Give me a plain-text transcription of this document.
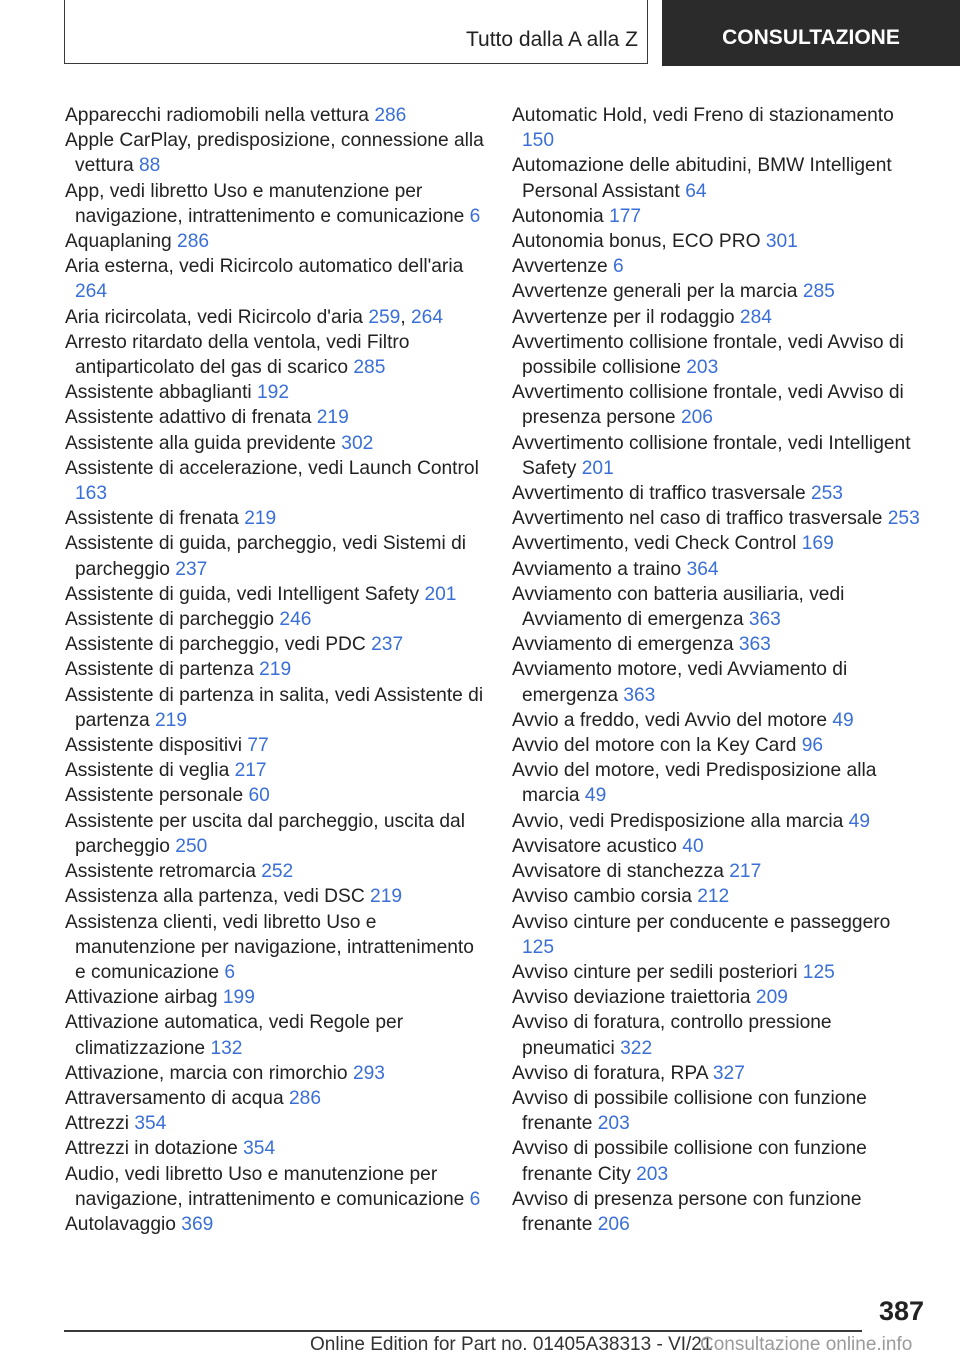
Tutto dalla A alla Z	CONSULTAZIONE
Apparecchi radiomobili nella vettura 286
Apple CarPlay, predisposizione, connessione alla vettura 88
App, vedi libretto Uso e manutenzione per navigazione, intrattenimento e comunicazione 6
Aquaplaning 286
Aria esterna, vedi Ricircolo automatico dell'aria 264
Aria ricircolata, vedi Ricircolo d'aria 259, 264
Arresto ritardato della ventola, vedi Filtro antiparticolato del gas di scarico 285
Assistente abbaglianti 192
Assistente adattivo di frenata 219
Assistente alla guida previdente 302
Assistente di accelerazione, vedi Launch Control 163
Assistente di frenata 219
Assistente di guida, parcheggio, vedi Sistemi di parcheggio 237
Assistente di guida, vedi Intelligent Safety 201
Assistente di parcheggio 246
Assistente di parcheggio, vedi PDC 237
Assistente di partenza 219
Assistente di partenza in salita, vedi Assistente di partenza 219
Assistente dispositivi 77
Assistente di veglia 217
Assistente personale 60
Assistente per uscita dal parcheggio, uscita dal parcheggio 250
Assistente retromarcia 252
Assistenza alla partenza, vedi DSC 219
Assistenza clienti, vedi libretto Uso e manutenzione per navigazione, intrattenimento e comunicazione 6
Attivazione airbag 199
Attivazione automatica, vedi Regole per climatizzazione 132
Attivazione, marcia con rimorchio 293
Attraversamento di acqua 286
Attrezzi 354
Attrezzi in dotazione 354
Audio, vedi libretto Uso e manutenzione per navigazione, intrattenimento e comunicazione 6
Autolavaggio 369
Automatic Hold, vedi Freno di stazionamento 150
Automazione delle abitudini, BMW Intelligent Personal Assistant 64
Autonomia 177
Autonomia bonus, ECO PRO 301
Avvertenze 6
Avvertenze generali per la marcia 285
Avvertenze per il rodaggio 284
Avvertimento collisione frontale, vedi Avviso di possibile collisione 203
Avvertimento collisione frontale, vedi Avviso di presenza persone 206
Avvertimento collisione frontale, vedi Intelligent Safety 201
Avvertimento di traffico trasversale 253
Avvertimento nel caso di traffico trasversale 253
Avvertimento, vedi Check Control 169
Avviamento a traino 364
Avviamento con batteria ausiliaria, vedi Avviamento di emergenza 363
Avviamento di emergenza 363
Avviamento motore, vedi Avviamento di emergenza 363
Avvio a freddo, vedi Avvio del motore 49
Avvio del motore con la Key Card 96
Avvio del motore, vedi Predisposizione alla marcia 49
Avvio, vedi Predisposizione alla marcia 49
Avvisatore acustico 40
Avvisatore di stanchezza 217
Avviso cambio corsia 212
Avviso cinture per conducente e passeggero 125
Avviso cinture per sedili posteriori 125
Avviso deviazione traiettoria 209
Avviso di foratura, controllo pressione pneumatici 322
Avviso di foratura, RPA 327
Avviso di possibile collisione con funzione frenante 203
Avviso di possibile collisione con funzione frenante City 203
Avviso di presenza persone con funzione frenante 206
387
Online Edition for Part no. 01405A38313 - VI/21
Consultazione online.info
